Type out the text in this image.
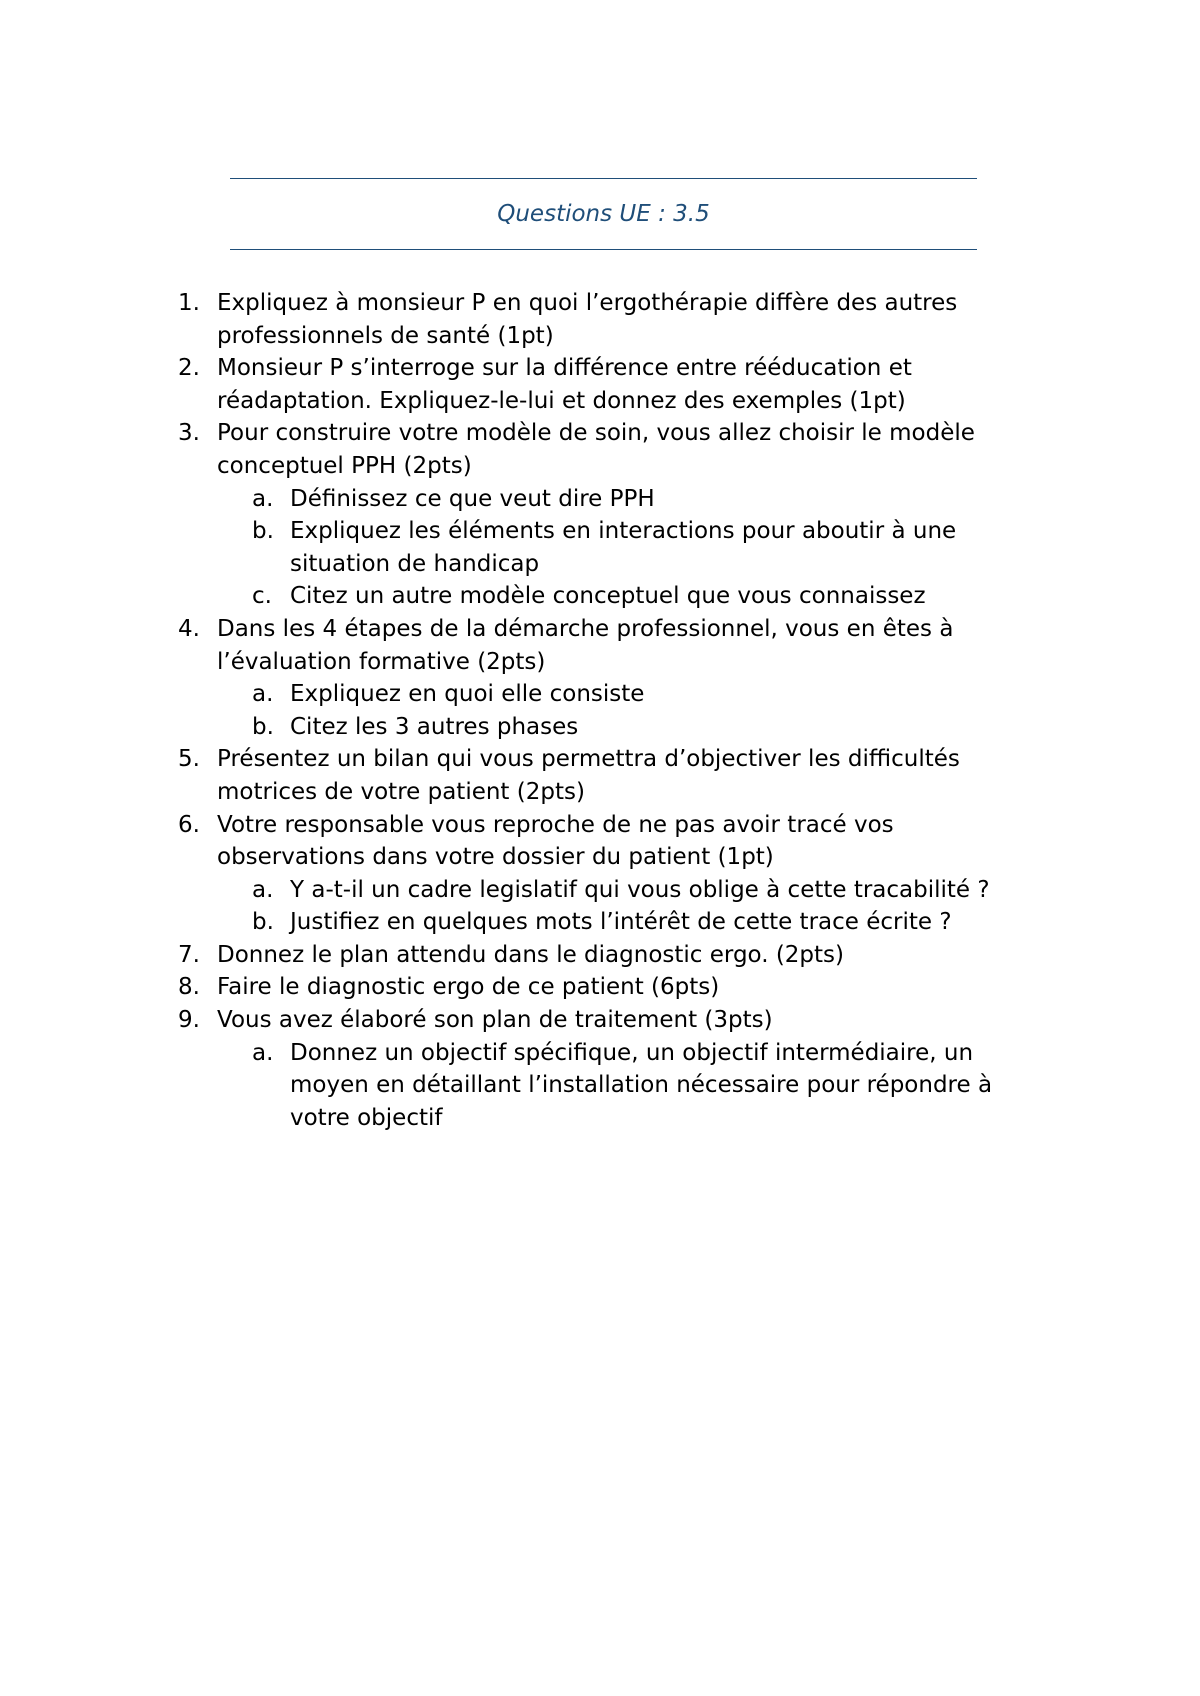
Questions UE : 3.5
1. Expliquez à monsieur P en quoi l’ergothérapie diffère des autres
professionnels de santé (1pt)
2. Monsieur P s’interroge sur la différence entre rééducation et
réadaptation. Expliquez-le-lui et donnez des exemples (1pt)
3. Pour construire votre modèle de soin, vous allez choisir le modèle
conceptuel PPH (2pts)
a. Définissez ce que veut dire PPH
b. Expliquez les éléments en interactions pour aboutir à une
situation de handicap
c. Citez un autre modèle conceptuel que vous connaissez
4. Dans les 4 étapes de la démarche professionnel, vous en êtes à
l’évaluation formative (2pts)
a. Expliquez en quoi elle consiste
b. Citez les 3 autres phases
5. Présentez un bilan qui vous permettra d’objectiver les difficultés
motrices de votre patient (2pts)
6. Votre responsable vous reproche de ne pas avoir tracé vos
observations dans votre dossier du patient (1pt)
a. Y a-t-il un cadre legislatif qui vous oblige à cette tracabilité ?
b. Justifiez en quelques mots l’intérêt de cette trace écrite ?
7. Donnez le plan attendu dans le diagnostic ergo. (2pts)
8. Faire le diagnostic ergo de ce patient (6pts)
9. Vous avez élaboré son plan de traitement (3pts)
a. Donnez un objectif spécifique, un objectif intermédiaire, un
moyen en détaillant l’installation nécessaire pour répondre à
votre objectif
